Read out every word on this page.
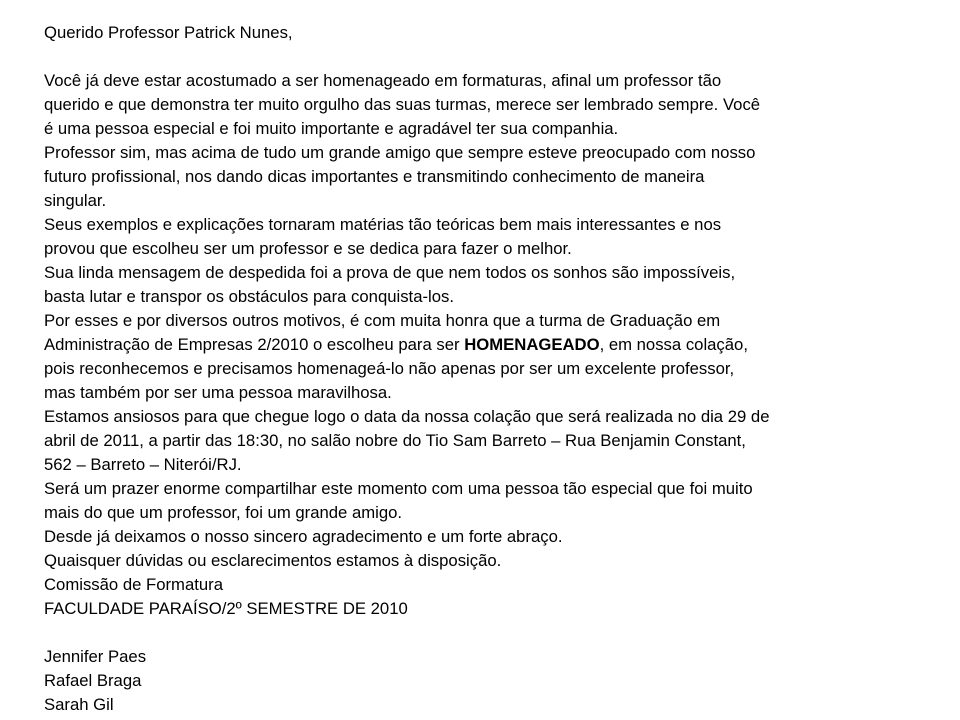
Querido Professor Patrick Nunes,
Você já deve estar acostumado a ser homenageado em formaturas, afinal um professor tão
querido e que demonstra ter muito orgulho das suas turmas, merece ser lembrado sempre. Você
é uma pessoa especial e foi muito importante e agradável ter sua companhia.
Professor sim, mas acima de tudo um grande amigo que sempre esteve preocupado com nosso
futuro profissional, nos dando dicas importantes e transmitindo conhecimento de maneira
singular.
Seus exemplos e explicações tornaram matérias tão teóricas bem mais interessantes e nos
provou que escolheu ser um professor e se dedica para fazer o melhor.
Sua linda mensagem de despedida foi a prova de que nem todos os sonhos são impossíveis,
basta lutar e transpor os obstáculos para conquista-los.
Por esses e por diversos outros motivos, é com muita honra que a turma de Graduação em
Administração de Empresas 2/2010 o escolheu para ser HOMENAGEADO, em nossa colação,
pois reconhecemos e precisamos homenageá-lo não apenas por ser um excelente professor,
mas também por ser uma pessoa maravilhosa.
Estamos ansiosos para que chegue logo o data da nossa colação que será realizada no dia 29 de
abril de 2011, a partir das 18:30, no salão nobre do Tio Sam Barreto – Rua Benjamin Constant,
562 – Barreto – Niterói/RJ.
Será um prazer enorme compartilhar este momento com uma pessoa tão especial que foi muito
mais do que um professor, foi um grande amigo.
Desde já deixamos o nosso sincero agradecimento e um forte abraço.
Quaisquer dúvidas ou esclarecimentos estamos à disposição.
Comissão de Formatura
FACULDADE PARAÍSO/2º SEMESTRE DE 2010
Jennifer Paes
Rafael Braga
Sarah Gil
